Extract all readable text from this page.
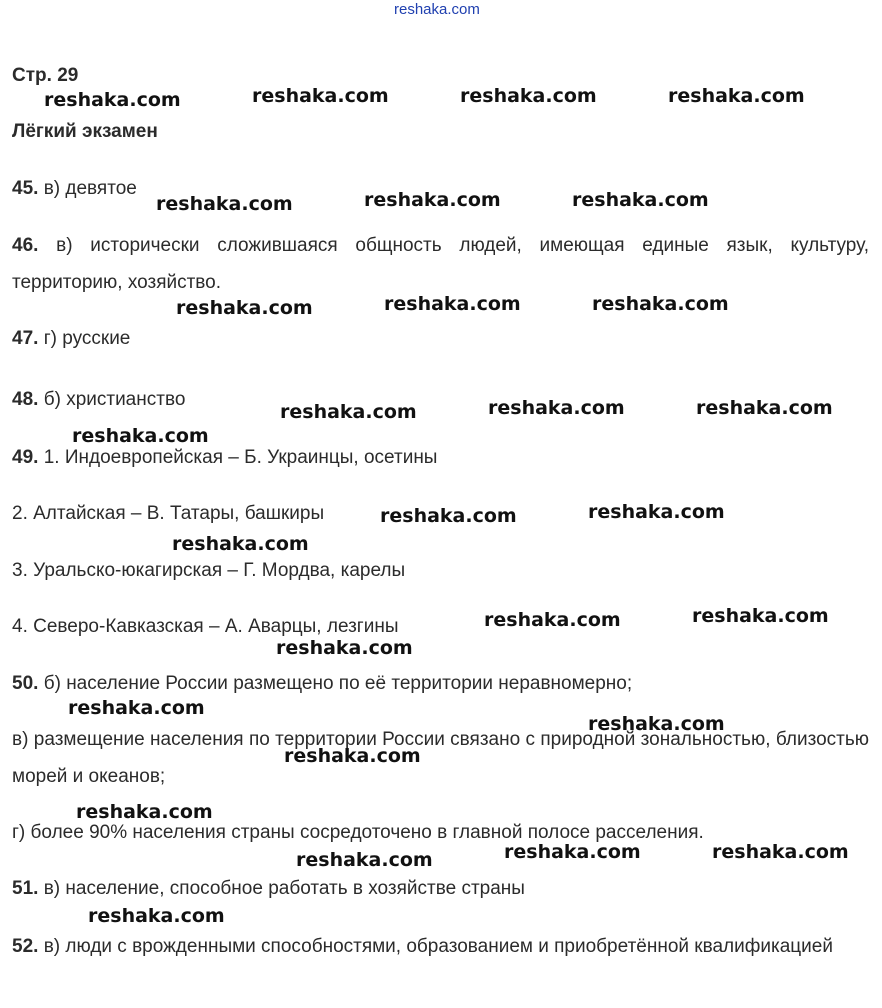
reshaka.com
Стр. 29
Лёгкий экзамен
45. в) девятое
46. в) исторически сложившаяся общность людей, имеющая единые язык, культуру, территорию, хозяйство.
47. г) русские
48. б) христианство
49. 1. Индоевропейская – Б. Украинцы, осетины
2. Алтайская – В. Татары, башкиры
3. Уральско-юкагирская – Г. Мордва, карелы
4. Северо-Кавказская – А. Аварцы, лезгины
50. б) население России размещено по её территории неравномерно;
в) размещение населения по территории России связано с природной зональностью, близостью морей и океанов;
г) более 90% населения страны сосредоточено в главной полосе расселения.
51. в) население, способное работать в хозяйстве страны
52. в) люди с врожденными способностями, образованием и приобретённой квалификацией
reshaka.com	reshaka.com	reshaka.com	reshaka.com
reshaka.com	reshaka.com	reshaka.com
reshaka.com	reshaka.com	reshaka.com
reshaka.com	reshaka.com	reshaka.com
reshaka.com
reshaka.com	reshaka.com
reshaka.com
reshaka.com	reshaka.com
reshaka.com
reshaka.com
reshaka.com
reshaka.com
reshaka.com
reshaka.com	reshaka.com
reshaka.com
reshaka.com
